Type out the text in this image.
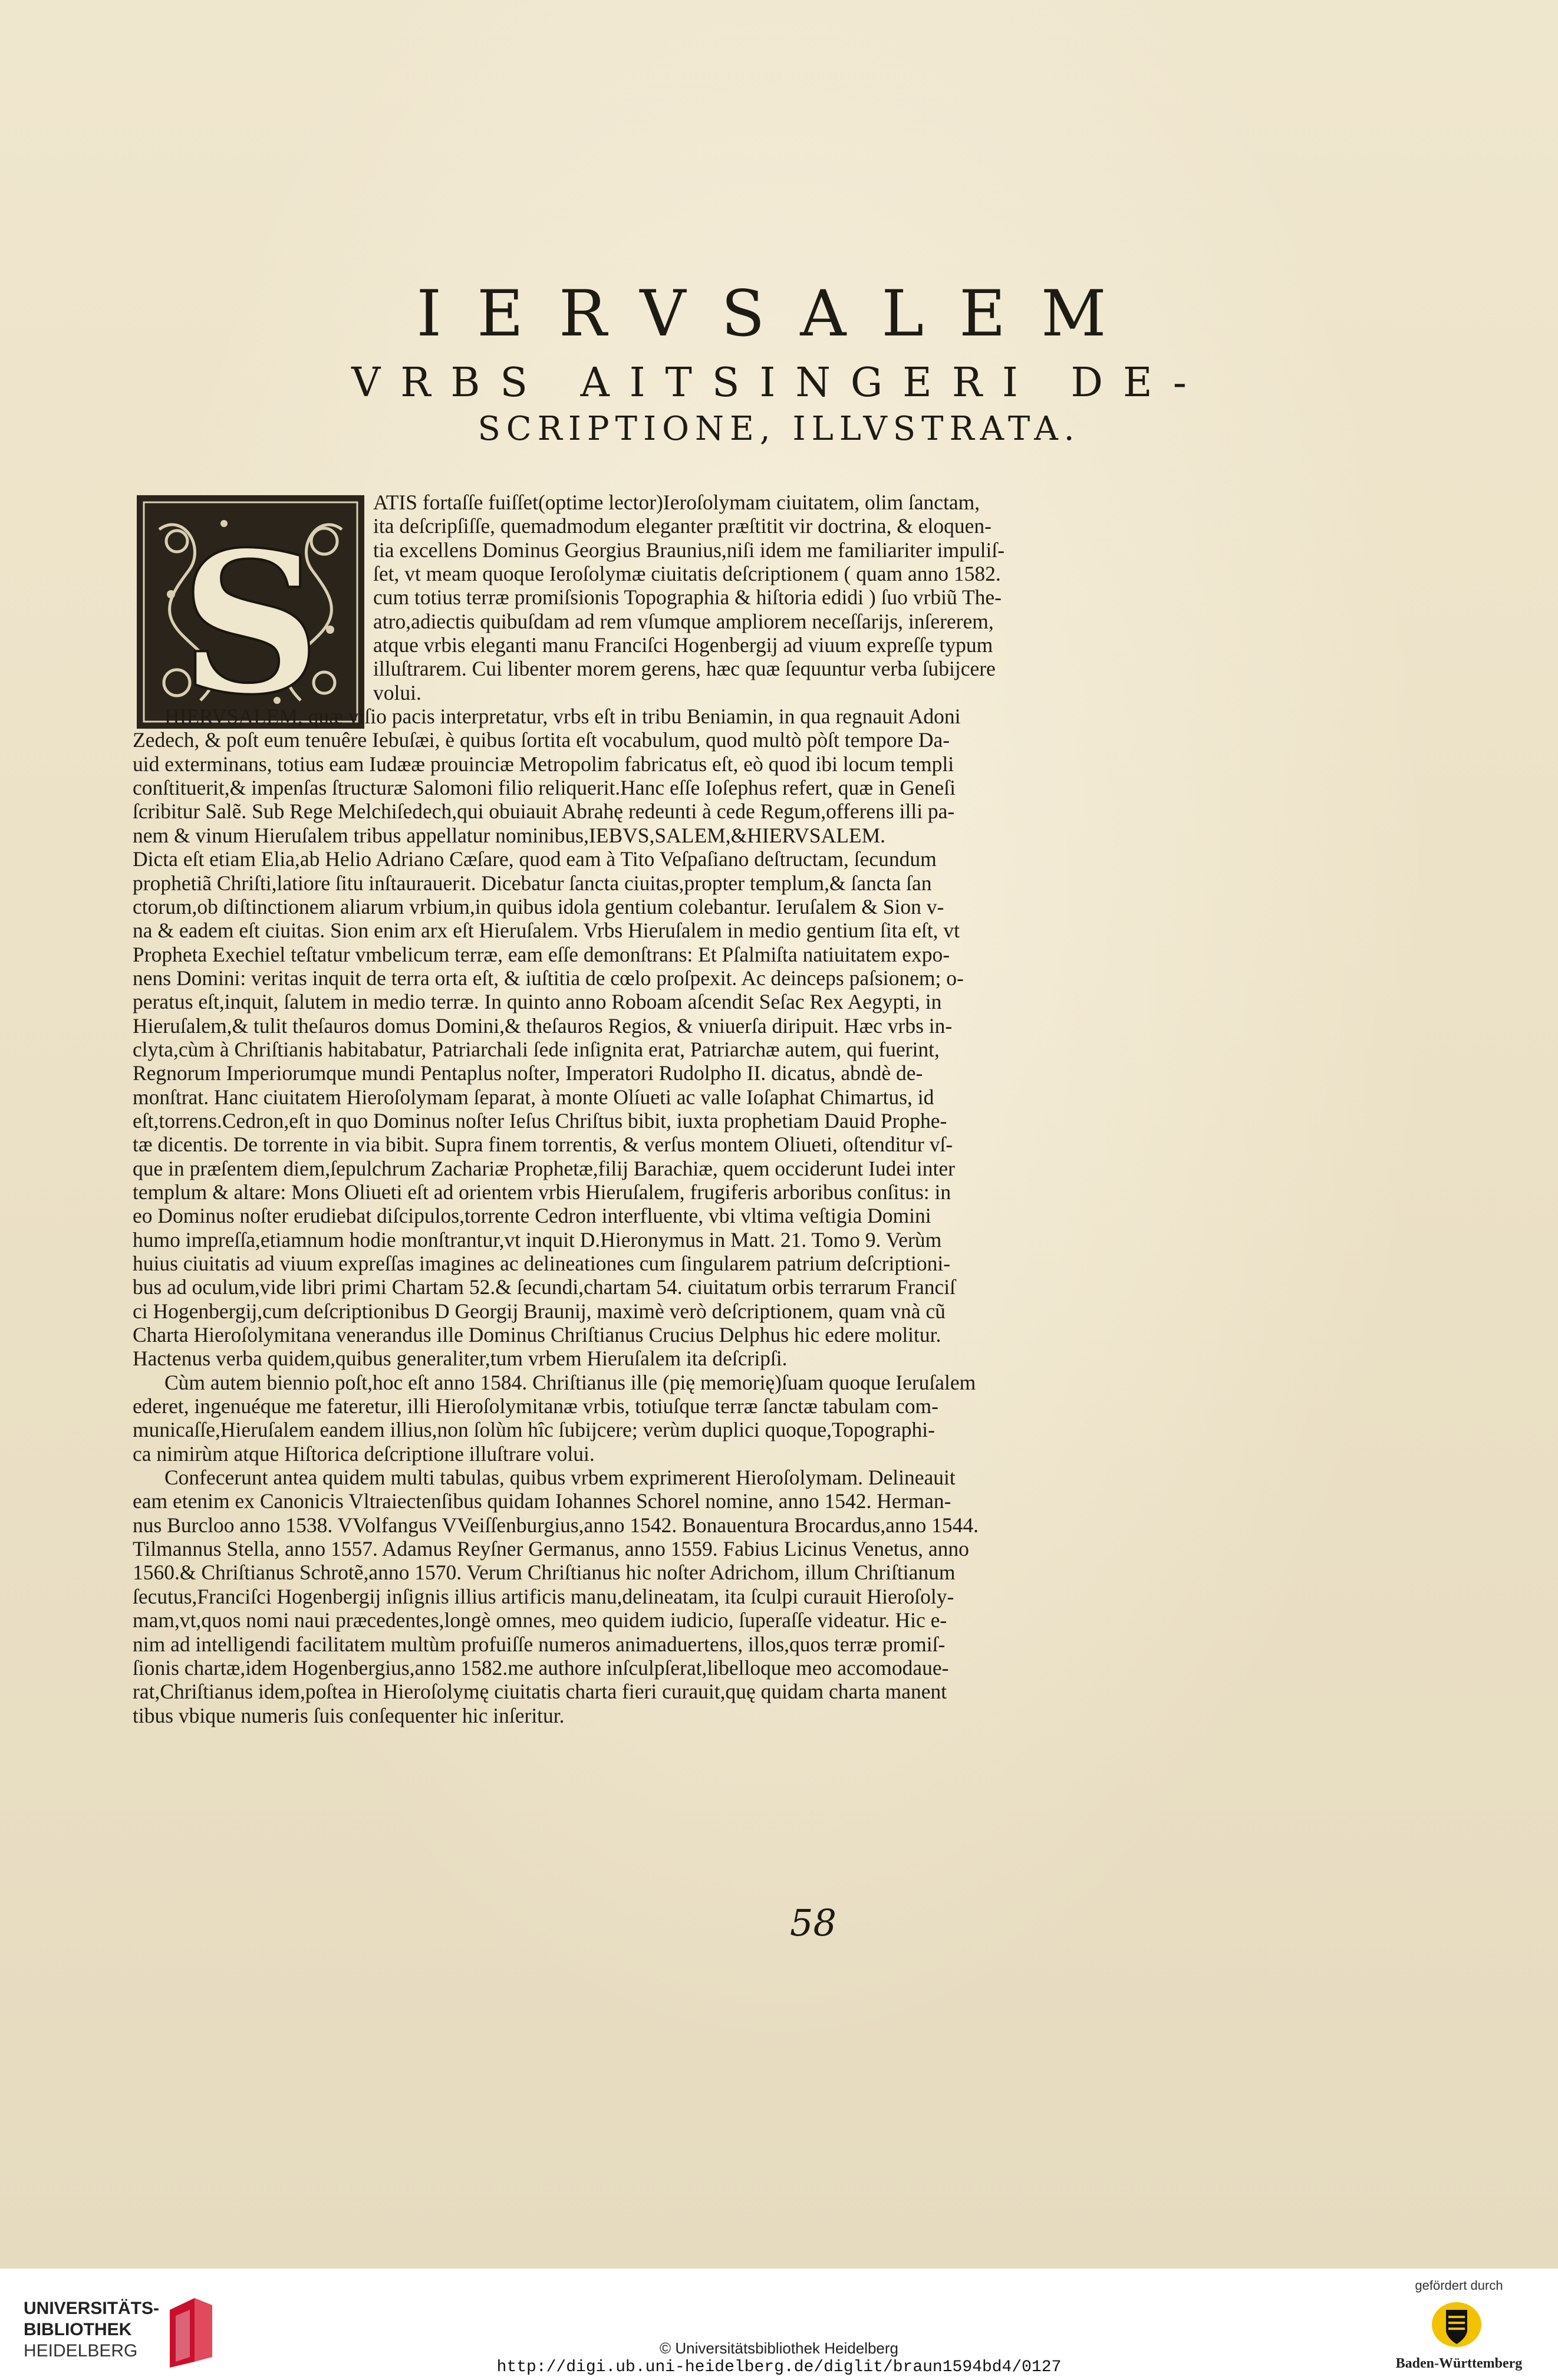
IERVSALEM
VRBS AITSINGERI DE-
SCRIPTIONE, ILLVSTRATA.
S
ATIS fortaſſe fuiſſet(optime lector)Ieroſolymam ciuitatem, olim ſanctam,
ita deſcripſiſſe, quemadmodum eleganter præſtitit vir doctrina, & eloquen-
tia excellens Dominus Georgius Braunius,niſi idem me familiariter impuliſ-
ſet, vt meam quoque Ieroſolymæ ciuitatis deſcriptionem ( quam anno 1582.
cum totius terræ promiſsionis Topographia & hiſtoria edidi ) ſuo vrbiũ The-
atro,adiectis quibuſdam ad rem vſumque ampliorem neceſſarijs, inſererem,
atque vrbis eleganti manu Franciſci Hogenbergij ad viuum expreſſe typum
illuſtrarem. Cui libenter morem gerens, hæc quæ ſequuntur verba ſubijcere
volui.
HIERVSALEM, quæ viſio pacis interpretatur, vrbs eſt in tribu Beniamin, in qua regnauit Adoni
Zedech, & poſt eum tenuêre Iebuſæi, è quibus ſortita eſt vocabulum, quod multò pòſt tempore Da-
uid exterminans, totius eam Iudææ prouinciæ Metropolim fabricatus eſt, eò quod ibi locum templi
conſtituerit,& impenſas ſtructuræ Salomoni filio reliquerit.Hanc eſſe Ioſephus refert, quæ in Geneſi
ſcribitur Salẽ. Sub Rege Melchiſedech,qui obuiauit Abrahę redeunti à cede Regum,offerens illi pa-
nem & vinum Hieruſalem tribus appellatur nominibus,IEBVS,SALEM,&HIERVSALEM.
Dicta eſt etiam Elia,ab Helio Adriano Cæſare, quod eam à Tito Veſpaſiano deſtructam, ſecundum
prophetiã Chriſti,latiore ſitu inſtaurauerit. Dicebatur ſancta ciuitas,propter templum,& ſancta ſan
ctorum,ob diſtinctionem aliarum vrbium,in quibus idola gentium colebantur. Ieruſalem & Sion v-
na & eadem eſt ciuitas. Sion enim arx eſt Hieruſalem. Vrbs Hieruſalem in medio gentium ſita eſt, vt
Propheta Exechiel teſtatur vmbelicum terræ, eam eſſe demonſtrans: Et Pſalmiſta natiuitatem expo-
nens Domini: veritas inquit de terra orta eſt, & iuſtitia de cœlo proſpexit. Ac deinceps paſsionem; o-
peratus eſt,inquit, ſalutem in medio terræ. In quinto anno Roboam aſcendit Seſac Rex Aegypti, in
Hieruſalem,& tulit theſauros domus Domini,& theſauros Regios, & vniuerſa diripuit. Hæc vrbs in-
clyta,cùm à Chriſtianis habitabatur, Patriarchali ſede inſignita erat, Patriarchæ autem, qui fuerint,
Regnorum Imperiorumque mundi Pentaplus noſter, Imperatori Rudolpho II. dicatus, abndè de-
monſtrat. Hanc ciuitatem Hieroſolymam ſeparat, à monte Olíueti ac valle Ioſaphat Chimartus, id
eſt,torrens.Cedron,eſt in quo Dominus noſter Ieſus Chriſtus bibit, iuxta prophetiam Dauid Prophe-
tæ dicentis. De torrente in via bibit. Supra finem torrentis, & verſus montem Oliueti, oſtenditur vſ-
que in præſentem diem,ſepulchrum Zachariæ Prophetæ,filij Barachiæ, quem occiderunt Iudei inter
templum & altare: Mons Oliueti eſt ad orientem vrbis Hieruſalem, frugiferis arboribus conſitus: in
eo Dominus noſter erudiebat diſcipulos,torrente Cedron interfluente, vbi vltima veſtigia Domini
humo impreſſa,etiamnum hodie monſtrantur,vt inquit D.Hieronymus in Matt. 21. Tomo 9. Verùm
huius ciuitatis ad viuum expreſſas imagines ac delineationes cum ſingularem patrium deſcriptioni-
bus ad oculum,vide libri primi Chartam 52.& ſecundi,chartam 54. ciuitatum orbis terrarum Franciſ
ci Hogenbergij,cum deſcriptionibus D Georgij Braunij, maximè verò deſcriptionem, quam vnà cũ
Charta Hieroſolymitana venerandus ille Dominus Chriſtianus Crucius Delphus hic edere molitur.
Hactenus verba quidem,quibus generaliter,tum vrbem Hieruſalem ita deſcripſi.
Cùm autem biennio poſt,hoc eſt anno 1584. Chriſtianus ille (pię memorię)ſuam quoque Ieruſalem
ederet, ingenuéque me fateretur, illi Hieroſolymitanæ vrbis, totiuſque terræ ſanctæ tabulam com-
municaſſe,Hieruſalem eandem illius,non ſolùm hîc ſubijcere; verùm duplici quoque,Topographi-
ca nimirùm atque Hiſtorica deſcriptione illuſtrare volui.
Confecerunt antea quidem multi tabulas, quibus vrbem exprimerent Hieroſolymam. Delineauit
eam etenim ex Canonicis Vltraiectenſibus quidam Iohannes Schorel nomine, anno 1542. Herman-
nus Burcloo anno 1538. VVolfangus VVeiſſenburgius,anno 1542. Bonauentura Brocardus,anno 1544.
Tilmannus Stella, anno 1557. Adamus Reyſner Germanus, anno 1559. Fabius Licinus Venetus, anno
1560.& Chriſtianus Schrotẽ,anno 1570. Verum Chriſtianus hic noſter Adrichom, illum Chriſtianum
ſecutus,Franciſci Hogenbergij inſignis illius artificis manu,delineatam, ita ſculpi curauit Hieroſoly-
mam,vt,quos nomi naui præcedentes,longè omnes, meo quidem iudicio, ſuperaſſe videatur. Hic e-
nim ad intelligendi facilitatem multùm profuiſſe numeros animaduertens, illos,quos terræ promiſ-
ſionis chartæ,idem Hogenbergius,anno 1582.me authore inſculpſerat,libelloque meo accomodaue-
rat,Chriſtianus idem,poſtea in Hieroſolymę ciuitatis charta fieri curauit,quę quidam charta manent
tibus vbique numeris ſuis conſequenter hic inſeritur.
58
UNIVERSITÄTS-
BIBLIOTHEK
HEIDELBERG	© Universitätsbibliothek Heidelberg
http://digi.ub.uni-heidelberg.de/diglit/braun1594bd4/0127
gefördert durch
Baden-Württemberg
